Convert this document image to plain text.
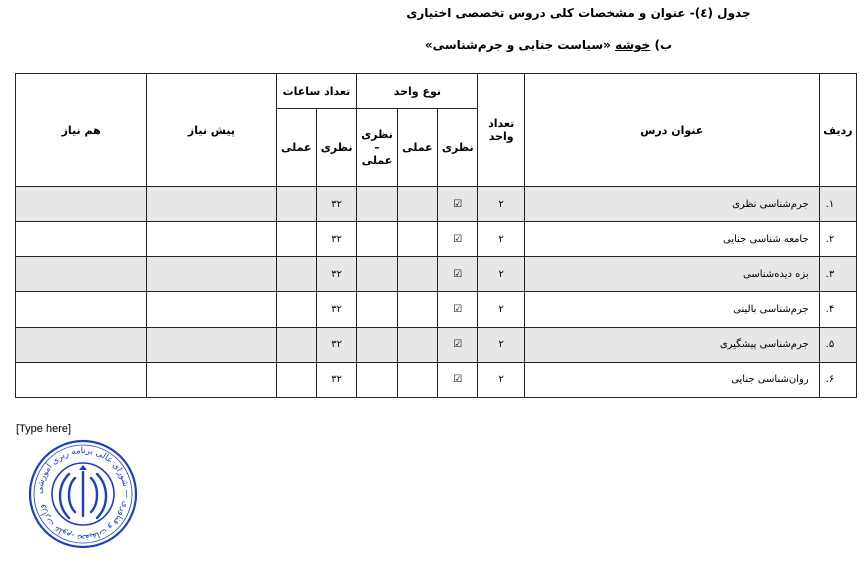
جدول (٤)- عنوان و مشخصات کلی دروس تخصصی اختیاری
ب) خوشه «سیاست جنایی و جرم‌شناسی»
ردیف	عنوان درس	تعداد واحد	نوع واحد			تعداد ساعات		پیش نیاز	هم نیاز
			نظری	عملی	نظری – عملی	نظری	عملی		
.۱	جرم‌شناسی نظری	۲	☑			۳۲			
.۲	جامعه شناسی جنایی	۲	☑			۳۲			
.۳	بزه دیده‌شناسی	۲	☑			۳۲			
.۴	جرم‌شناسی بالینی	۲	☑			۳۲			
.۵	جرم‌شناسی پیشگیری	۲	☑			۳۲			
.۶	روان‌شناسی جنایی	۲	☑			۳۲			
[Type here]
وزارت علوم، تحقیقات و فناوری — شورای عالی برنامه ریزی آموزشی
